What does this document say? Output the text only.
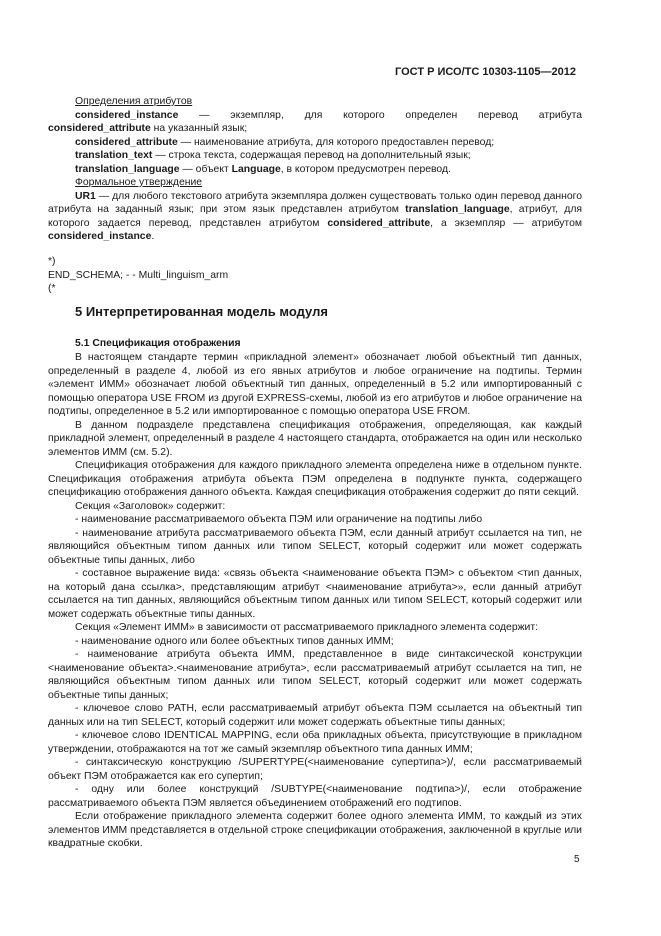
ГОСТ Р ИСО/ТС 10303-1105—2012

Определения атрибутов

considered_instance — экземпляр, для которого определен перевод атрибута

considered_attribute на указанный язык;

considered_attribute — наименование атрибута, для которого предоставлен перевод;

translation_text — строка текста, содержащая перевод на дополнительный язык;

translation_language — объект Language, в котором предусмотрен перевод.

Формальное утверждение

UR1 — для любого текстового атрибута экземпляра должен существовать только один перевод данного атрибута на заданный язык; при этом язык представлен атрибутом translation_language, атрибут, для которого задается перевод, представлен атрибутом considered_attribute, а экземпляр — атрибутом considered_instance.

*)
END_SCHEMA; - - Multi_linguism_arm
(*
5 Интерпретированная модель модуля
5.1 Спецификация отображения

В настоящем стандарте термин «прикладной элемент» обозначает любой объектный тип данных, определенный в разделе 4, любой из его явных атрибутов и любое ограничение на подтипы. Термин «элемент ИММ» обозначает любой объектный тип данных, определенный в 5.2 или импортированный с помощью оператора USE FROM из другой EXPRESS-схемы, любой из его атрибутов и любое ограничение на подтипы, определенное в 5.2 или импортированное с помощью оператора USE FROM.

В данном подразделе представлена спецификация отображения, определяющая, как каждый прикладной элемент, определенный в разделе 4 настоящего стандарта, отображается на один или несколько элементов ИММ (см. 5.2).

Спецификация отображения для каждого прикладного элемента определена ниже в отдельном пункте. Спецификация отображения атрибута объекта ПЭМ определена в подпункте пункта, содержащего спецификацию отображения данного объекта. Каждая спецификация отображения содержит до пяти секций.

Секция «Заголовок» содержит:

- наименование рассматриваемого объекта ПЭМ или ограничение на подтипы либо

- наименование атрибута рассматриваемого объекта ПЭМ, если данный атрибут ссылается на тип, не являющийся объектным типом данных или типом SELECT, который содержит или может содержать объектные типы данных, либо

- составное выражение вида: «связь объекта <наименование объекта ПЭМ> с объектом <тип данных, на который дана ссылка>, представляющим атрибут <наименование атрибута>», если данный атрибут ссылается на тип данных, являющийся объектным типом данных или типом SELECT, который содержит или может содержать объектные типы данных.

Секция «Элемент ИММ» в зависимости от рассматриваемого прикладного элемента содержит:

- наименование одного или более объектных типов данных ИММ;

- наименование атрибута объекта ИММ, представленное в виде синтаксической конструкции <наименование объекта>.<наименование атрибута>, если рассматриваемый атрибут ссылается на тип, не являющийся объектным типом данных или типом SELECT, который содержит или может содержать объектные типы данных;

- ключевое слово PATH, если рассматриваемый атрибут объекта ПЭМ ссылается на объектный тип данных или на тип SELECT, который содержит или может содержать объектные типы данных;

- ключевое слово IDENTICAL MAPPING, если оба прикладных объекта, присутствующие в прикладном утверждении, отображаются на тот же самый экземпляр объектного типа данных ИММ;

- синтаксическую конструкцию /SUPERTYPE(<наименование супертипа>)/, если рассматриваемый объект ПЭМ отображается как его супертип;

- одну или более конструкций /SUBTYPE(<наименование подтипа>)/, если отображение рассматриваемого объекта ПЭМ является объединением отображений его подтипов.

Если отображение прикладного элемента содержит более одного элемента ИММ, то каждый из этих элементов ИММ представляется в отдельной строке спецификации отображения, заключенной в круглые или квадратные скобки.

5
